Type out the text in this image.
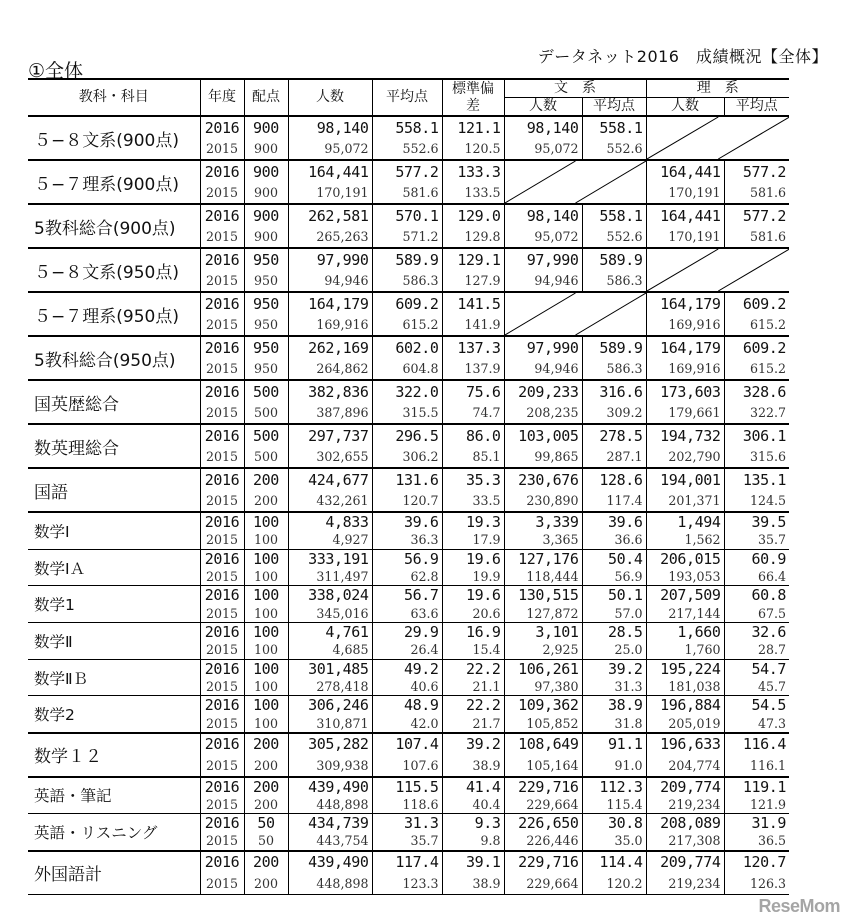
①全体
データネット2016　成績概況【全体】
教科・科目	年度	配点	人数	平均点	標準偏差	文　系		理　系	
						人数	平均点	人数	平均点
５−８文系(900点)	2016	900	98,140	558.1	121.1	98,140	558.1	

	2015	900	95,072	552.6	120.5	95,072	552.6		
５−７理系(900点)	2016	900	164,441	577.2	133.3			164,441	577.2
	2015	900	170,191	581.6	133.5			170,191	581.6
5教科総合(900点)	2016	900	262,581	570.1	129.0	98,140	558.1	164,441	577.2
	2015	900	265,263	571.2	129.8	95,072	552.6	170,191	581.6
５−８文系(950点)	2016	950	97,990	589.9	129.1	97,990	589.9	

	2015	950	94,946	586.3	127.9	94,946	586.3		
５−７理系(950点)	2016	950	164,179	609.2	141.5			164,179	609.2
	2015	950	169,916	615.2	141.9			169,916	615.2
5教科総合(950点)	2016	950	262,169	602.0	137.3	97,990	589.9	164,179	609.2
	2015	950	264,862	604.8	137.9	94,946	586.3	169,916	615.2
国英歴総合	2016	500	382,836	322.0	75.6	209,233	316.6	173,603	328.6
	2015	500	387,896	315.5	74.7	208,235	309.2	179,661	322.7
数英理総合	2016	500	297,737	296.5	86.0	103,005	278.5	194,732	306.1
	2015	500	302,655	306.2	85.1	99,865	287.1	202,790	315.6
国語	2016	200	424,677	131.6	35.3	230,676	128.6	194,001	135.1
	2015	200	432,261	120.7	33.5	230,890	117.4	201,371	124.5
数学Ⅰ	2016	100	4,833	39.6	19.3	3,339	39.6	1,494	39.5
	2015	100	4,927	36.3	17.9	3,365	36.6	1,562	35.7
数学ⅠＡ	2016	100	333,191	56.9	19.6	127,176	50.4	206,015	60.9
	2015	100	311,497	62.8	19.9	118,444	56.9	193,053	66.4
数学1	2016	100	338,024	56.7	19.6	130,515	50.1	207,509	60.8
	2015	100	345,016	63.6	20.6	127,872	57.0	217,144	67.5
数学Ⅱ	2016	100	4,761	29.9	16.9	3,101	28.5	1,660	32.6
	2015	100	4,685	26.4	15.4	2,925	25.0	1,760	28.7
数学ⅡＢ	2016	100	301,485	49.2	22.2	106,261	39.2	195,224	54.7
	2015	100	278,418	40.6	21.1	97,380	31.3	181,038	45.7
数学2	2016	100	306,246	48.9	22.2	109,362	38.9	196,884	54.5
	2015	100	310,871	42.0	21.7	105,852	31.8	205,019	47.3
数学１２	2016	200	305,282	107.4	39.2	108,649	91.1	196,633	116.4
	2015	200	309,938	107.6	38.9	105,164	91.0	204,774	116.1
英語・筆記	2016	200	439,490	115.5	41.4	229,716	112.3	209,774	119.1
	2015	200	448,898	118.6	40.4	229,664	115.4	219,234	121.9
英語・リスニング	2016	50	434,739	31.3	9.3	226,650	30.8	208,089	31.9
	2015	50	443,754	35.7	9.8	226,446	35.0	217,308	36.5
外国語計	2016	200	439,490	117.4	39.1	229,716	114.4	209,774	120.7
	2015	200	448,898	123.3	38.9	229,664	120.2	219,234	126.3
ReseMom
